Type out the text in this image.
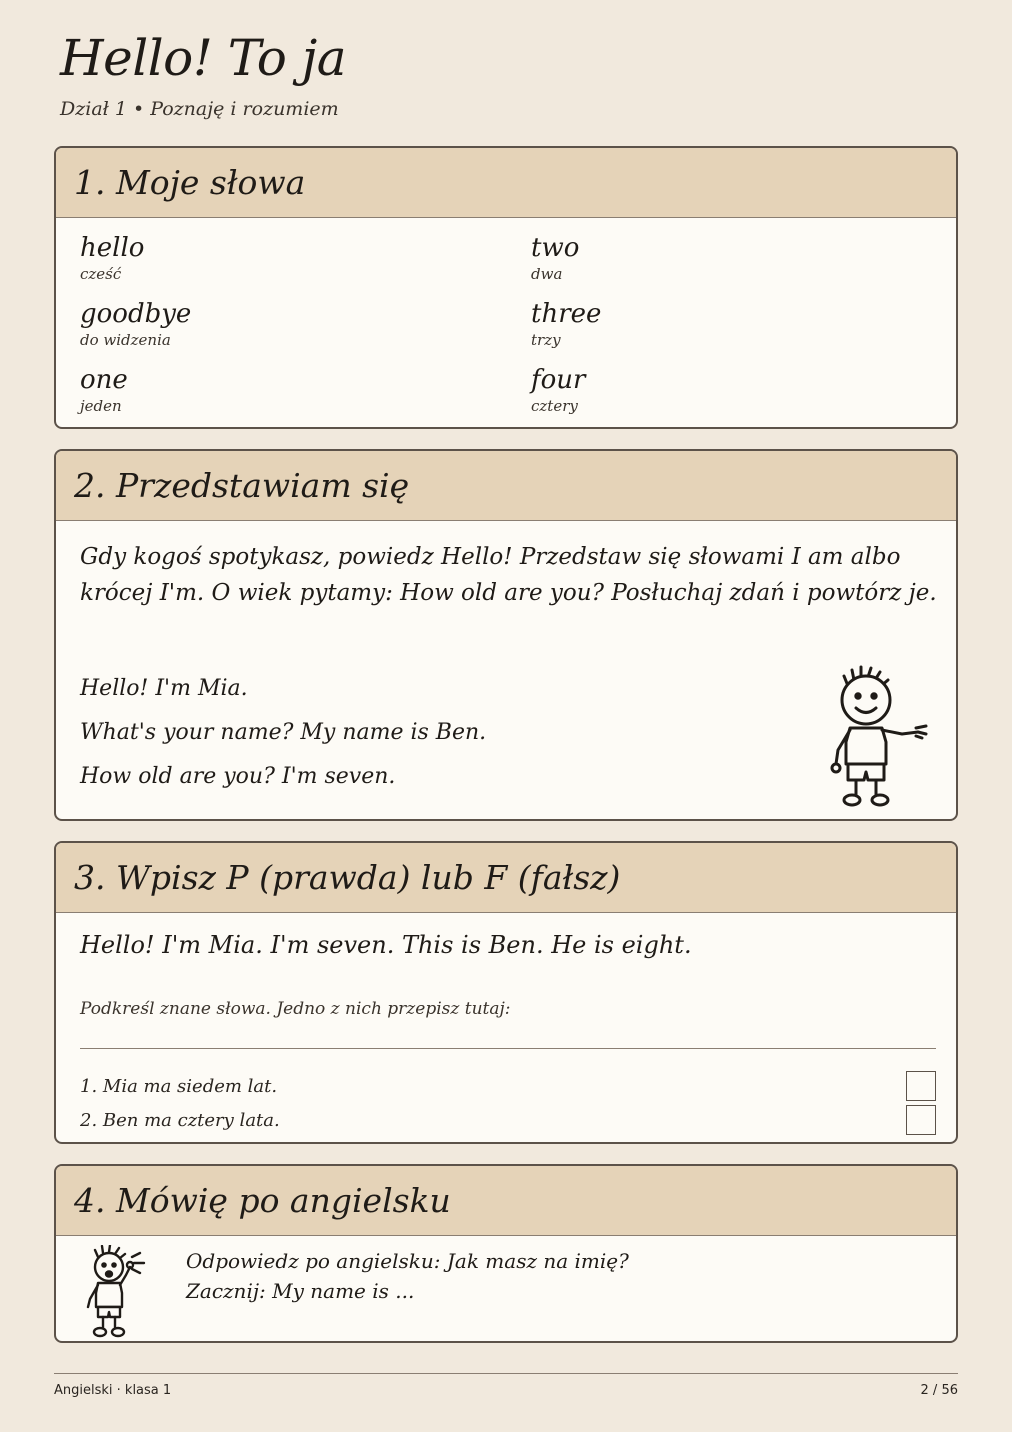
Hello! To ja
Dział 1 • Poznaję i rozumiem
1. Moje słowa
hello
cześć
two
dwa
goodbye
do widzenia
three
trzy
one
jeden
four
cztery
2. Przedstawiam się
Gdy kogoś spotykasz, powiedz Hello! Przedstaw się słowami I am albo krócej I'm. O wiek pytamy: How old are you? Posłuchaj zdań i powtórz je.
Hello! I'm Mia.
What's your name? My name is Ben.
How old are you? I'm seven.
3. Wpisz P (prawda) lub F (fałsz)
Hello! I'm Mia. I'm seven. This is Ben. He is eight.
Podkreśl znane słowa. Jedno z nich przepisz tutaj:
1. Mia ma siedem lat.
2. Ben ma cztery lata.
4. Mówię po angielsku
Odpowiedz po angielsku: Jak masz na imię?
Zacznij: My name is ...
Angielski · klasa 1	2 / 56
